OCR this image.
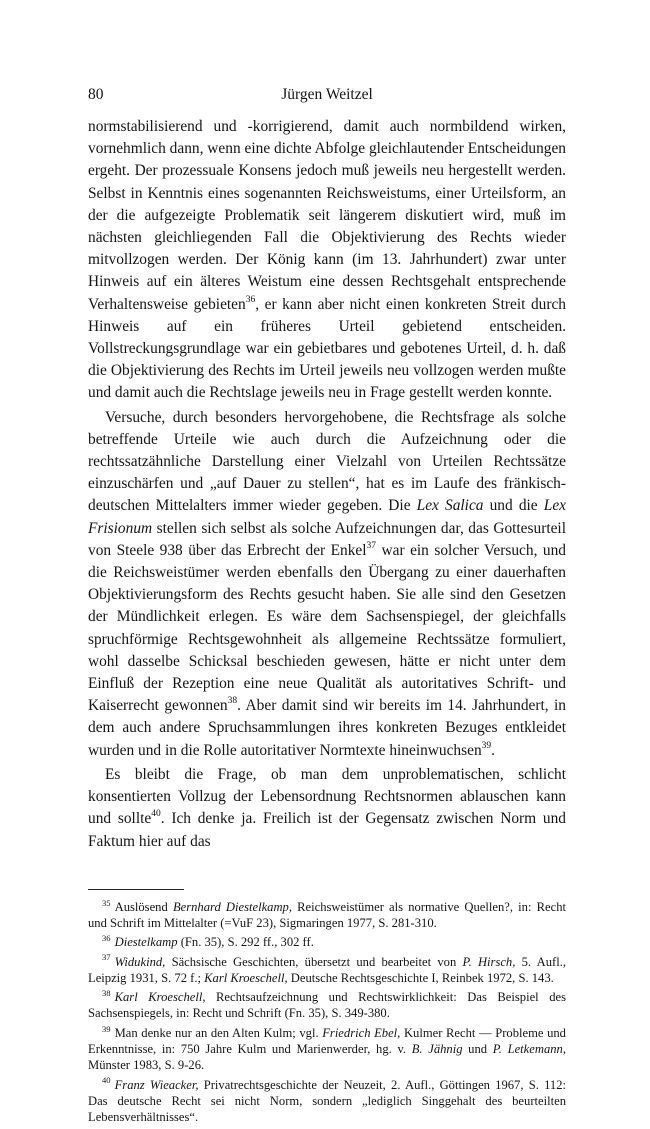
80	Jürgen Weitzel

normstabilisierend und -korrigierend, damit auch normbildend wirken, vornehmlich dann, wenn eine dichte Abfolge gleichlautender Entscheidungen ergeht. Der prozessuale Konsens jedoch muß jeweils neu hergestellt werden. Selbst in Kenntnis eines sogenannten Reichsweistums, einer Urteilsform, an der die aufgezeigte Problematik seit längerem diskutiert wird, muß im nächsten gleichliegenden Fall die Objektivierung des Rechts wieder mitvollzogen werden. Der König kann (im 13. Jahrhundert) zwar unter Hinweis auf ein älteres Weistum eine dessen Rechtsgehalt entsprechende Verhaltensweise gebieten$^{36}$, er kann aber nicht einen konkreten Streit durch Hinweis auf ein früheres Urteil gebietend entscheiden. Vollstreckungsgrundlage war ein gebietbares und gebotenes Urteil, d. h. daß die Objektivierung des Rechts im Urteil jeweils neu vollzogen werden mußte und damit auch die Rechtslage jeweils neu in Frage gestellt werden konnte.

Versuche, durch besonders hervorgehobene, die Rechtsfrage als solche betreffende Urteile wie auch durch die Aufzeichnung oder die rechtssatzähnliche Darstellung einer Vielzahl von Urteilen Rechtssätze einzuschärfen und „auf Dauer zu stellen“, hat es im Laufe des fränkisch-deutschen Mittelalters immer wieder gegeben. Die Lex Salica und die Lex Frisionum stellen sich selbst als solche Aufzeichnungen dar, das Gottesurteil von Steele 938 über das Erbrecht der Enkel$^{37}$ war ein solcher Versuch, und die Reichsweistümer werden ebenfalls den Übergang zu einer dauerhaften Objektivierungsform des Rechts gesucht haben. Sie alle sind den Gesetzen der Mündlichkeit erlegen. Es wäre dem Sachsenspiegel, der gleichfalls spruchförmige Rechtsgewohnheit als allgemeine Rechtssätze formuliert, wohl dasselbe Schicksal beschieden gewesen, hätte er nicht unter dem Einfluß der Rezeption eine neue Qualität als autoritatives Schrift- und Kaiserrecht gewonnen$^{38}$. Aber damit sind wir bereits im 14. Jahrhundert, in dem auch andere Spruchsammlungen ihres konkreten Bezuges entkleidet wurden und in die Rolle autoritativer Normtexte hineinwuchsen$^{39}$.

Es bleibt die Frage, ob man dem unproblematischen, schlicht konsentierten Vollzug der Lebensordnung Rechtsnormen ablauschen kann und sollte$^{40}$. Ich denke ja. Freilich ist der Gegensatz zwischen Norm und Faktum hier auf das

35 Auslösend Bernhard Diestelkamp, Reichsweistümer als normative Quellen?, in: Recht und Schrift im Mittelalter (=VuF 23), Sigmaringen 1977, S. 281-310.
36 Diestelkamp (Fn. 35), S. 292 ff., 302 ff.
37 Widukind, Sächsische Geschichten, übersetzt und bearbeitet von P. Hirsch, 5. Aufl., Leipzig 1931, S. 72 f.; Karl Kroeschell, Deutsche Rechtsgeschichte I, Reinbek 1972, S. 143.
38 Karl Kroeschell, Rechtsaufzeichnung und Rechtswirklichkeit: Das Beispiel des Sachsenspiegels, in: Recht und Schrift (Fn. 35), S. 349-380.
39 Man denke nur an den Alten Kulm; vgl. Friedrich Ebel, Kulmer Recht — Probleme und Erkenntnisse, in: 750 Jahre Kulm und Marienwerder, hg. v. B. Jähnig und P. Letkemann, Münster 1983, S. 9-26.
40 Franz Wieacker, Privatrechtsgeschichte der Neuzeit, 2. Aufl., Göttingen 1967, S. 112: Das deutsche Recht sei nicht Norm, sondern „lediglich Singgehalt des beurteilten Lebensverhältnisses“.
